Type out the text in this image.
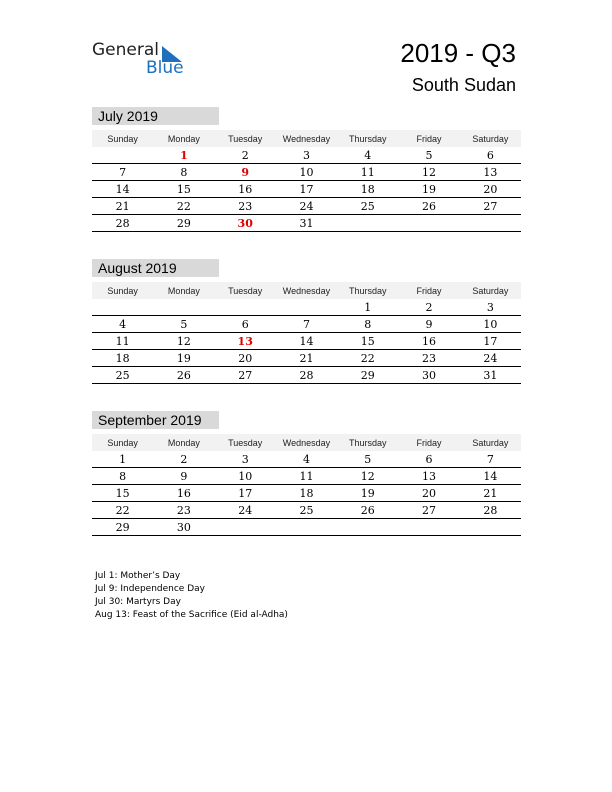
General
Blue	2019 - Q3
South Sudan
July 2019
Sunday	Monday	Tuesday	Wednesday	Thursday	Friday	Saturday
	1	2	3	4	5	6
7	8	9	10	11	12	13
14	15	16	17	18	19	20
21	22	23	24	25	26	27
28	29	30	31			
August 2019
Sunday	Monday	Tuesday	Wednesday	Thursday	Friday	Saturday
				1	2	3
4	5	6	7	8	9	10
11	12	13	14	15	16	17
18	19	20	21	22	23	24
25	26	27	28	29	30	31
September 2019
Sunday	Monday	Tuesday	Wednesday	Thursday	Friday	Saturday
1	2	3	4	5	6	7
8	9	10	11	12	13	14
15	16	17	18	19	20	21
22	23	24	25	26	27	28
29	30					
Jul 1: Mother’s Day
Jul 9: Independence Day
Jul 30: Martyrs Day
Aug 13: Feast of the Sacrifice (Eid al-Adha)
